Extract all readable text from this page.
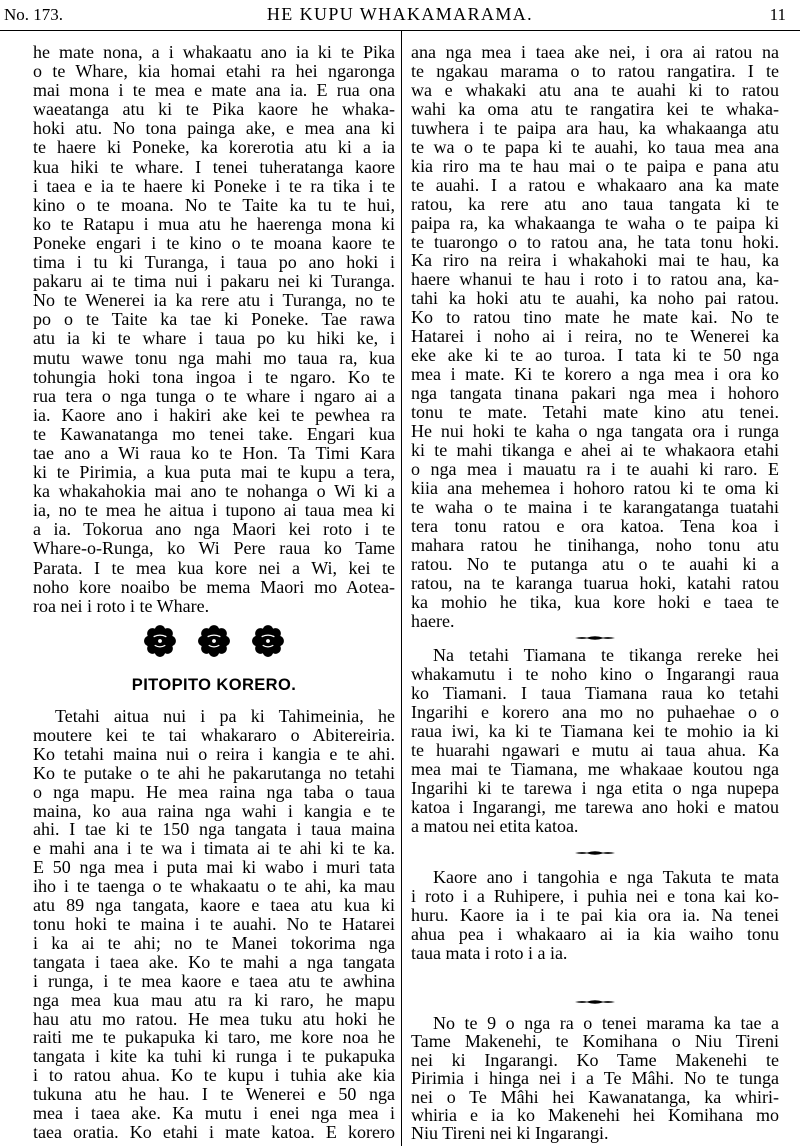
No. 173.	HE KUPU WHAKAMARAMA.	11
he mate nona, a i whakaatu ano ia ki te Pika
o te Whare, kia homai etahi ra hei ngaronga
mai mona i te mea e mate ana ia. E rua ona
waeatanga atu ki te Pika kaore he whaka-
hoki atu. No tona painga ake, e mea ana ki
te haere ki Poneke, ka korerotia atu ki a ia
kua hiki te whare. I tenei tuheratanga kaore
i taea e ia te haere ki Poneke i te ra tika i te
kino o te moana. No te Taite ka tu te hui,
ko te Ratapu i mua atu he haerenga mona ki
Poneke engari i te kino o te moana kaore te
tima i tu ki Turanga, i taua po ano hoki i
pakaru ai te tima nui i pakaru nei ki Turanga.
No te Wenerei ia ka rere atu i Turanga, no te
po o te Taite ka tae ki Poneke. Tae rawa
atu ia ki te whare i taua po ku hiki ke, i
mutu wawe tonu nga mahi mo taua ra, kua
tohungia hoki tona ingoa i te ngaro. Ko te
rua tera o nga tunga o te whare i ngaro ai a
ia. Kaore ano i hakiri ake kei te pewhea ra
te Kawanatanga mo tenei take. Engari kua
tae ano a Wi raua ko te Hon. Ta Timi Kara
ki te Pirimia, a kua puta mai te kupu a tera,
ka whakahokia mai ano te nohanga o Wi ki a
ia, no te mea he aitua i tupono ai taua mea ki
a ia. Tokorua ano nga Maori kei roto i te
Whare-o-Runga, ko Wi Pere raua ko Tame
Parata. I te mea kua kore nei a Wi, kei te
noho kore noaibo be mema Maori mo Aotea-
roa nei i roto i te Whare.
PITOPITO KORERO.
Tetahi aitua nui i pa ki Tahimeinia, he
moutere kei te tai whakararo o Abitereiria.
Ko tetahi maina nui o reira i kangia e te ahi.
Ko te putake o te ahi he pakarutanga no tetahi
o nga mapu. He mea raina nga taba o taua
maina, ko aua raina nga wahi i kangia e te
ahi. I tae ki te 150 nga tangata i taua maina
e mahi ana i te wa i timata ai te ahi ki te ka.
E 50 nga mea i puta mai ki wabo i muri tata
iho i te taenga o te whakaatu o te ahi, ka mau
atu 89 nga tangata, kaore e taea atu kua ki
tonu hoki te maina i te auahi. No te Hatarei
i ka ai te ahi; no te Manei tokorima nga
tangata i taea ake. Ko te mahi a nga tangata
i runga, i te mea kaore e taea atu te awhina
nga mea kua mau atu ra ki raro, he mapu
hau atu mo ratou. He mea tuku atu hoki he
raiti me te pukapuka ki taro, me kore noa he
tangata i kite ka tuhi ki runga i te pukapuka
i to ratou ahua. Ko te kupu i tuhia ake kia
tukuna atu he hau. I te Wenerei e 50 nga
mea i taea ake. Ka mutu i enei nga mea i
taea oratia. Ko etahi i mate katoa. E korero
ana nga mea i taea ake nei, i ora ai ratou na
te ngakau marama o to ratou rangatira. I te
wa e whakaki atu ana te auahi ki to ratou
wahi ka oma atu te rangatira kei te whaka-
tuwhera i te paipa ara hau, ka whakaanga atu
te wa o te papa ki te auahi, ko taua mea ana
kia riro ma te hau mai o te paipa e pana atu
te auahi. I a ratou e whakaaro ana ka mate
ratou, ka rere atu ano taua tangata ki te
paipa ra, ka whakaanga te waha o te paipa ki
te tuarongo o to ratou ana, he tata tonu hoki.
Ka riro na reira i whakahoki mai te hau, ka
haere whanui te hau i roto i to ratou ana, ka-
tahi ka hoki atu te auahi, ka noho pai ratou.
Ko to ratou tino mate he mate kai. No te
Hatarei i noho ai i reira, no te Wenerei ka
eke ake ki te ao turoa. I tata ki te 50 nga
mea i mate. Ki te korero a nga mea i ora ko
nga tangata tinana pakari nga mea i hohoro
tonu te mate. Tetahi mate kino atu tenei.
He nui hoki te kaha o nga tangata ora i runga
ki te mahi tikanga e ahei ai te whakaora etahi
o nga mea i mauatu ra i te auahi ki raro. E
kiia ana mehemea i hohoro ratou ki te oma ki
te waha o te maina i te karangatanga tuatahi
tera tonu ratou e ora katoa. Tena koa i
mahara ratou he tinihanga, noho tonu atu
ratou. No te putanga atu o te auahi ki a
ratou, na te karanga tuarua hoki, katahi ratou
ka mohio he tika, kua kore hoki e taea te
haere.
Na tetahi Tiamana te tikanga rereke hei
whakamutu i te noho kino o Ingarangi raua
ko Tiamani. I taua Tiamana raua ko tetahi
Ingarihi e korero ana mo no puhaehae o o
raua iwi, ka ki te Tiamana kei te mohio ia ki
te huarahi ngawari e mutu ai taua ahua. Ka
mea mai te Tiamana, me whakaae koutou nga
Ingarihi ki te tarewa i nga etita o nga nupepa
katoa i Ingarangi, me tarewa ano hoki e matou
a matou nei etita katoa.
Kaore ano i tangohia e nga Takuta te mata
i roto i a Ruhipere, i puhia nei e tona kai ko-
huru. Kaore ia i te pai kia ora ia. Na tenei
ahua pea i whakaaro ai ia kia waiho tonu
taua mata i roto i a ia.
No te 9 o nga ra o tenei marama ka tae a
Tame Makenehi, te Komihana o Niu Tireni
nei ki Ingarangi. Ko Tame Makenehi te
Pirimia i hinga nei i a Te Mâhi. No te tunga
nei o Te Mâhi hei Kawanatanga, ka whiri-
whiria e ia ko Makenehi hei Komihana mo
Niu Tireni nei ki Ingarangi.
